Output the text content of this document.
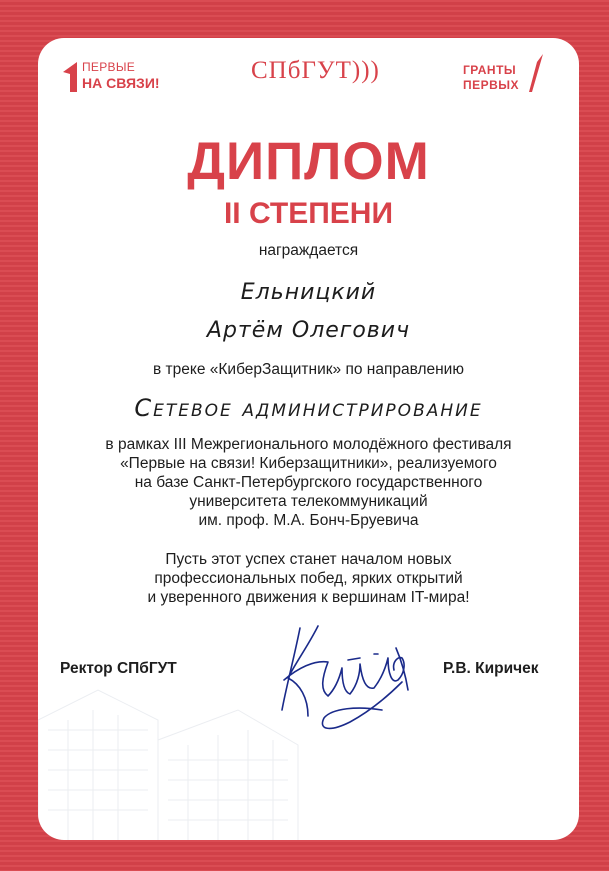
ПЕРВЫЕ
НА СВЯЗИ!	СПбГУТ)))	ГРАНТЫ
ПЕРВЫХ
ДИПЛОМ
II СТЕПЕНИ
награждается
Ельницкий
Артём Олегович
в треке «КиберЗащитник» по направлению
Сетевое администрирование
в рамках III Межрегионального молодёжного фестиваля
«Первые на связи! Киберзащитники», реализуемого
на базе Санкт-Петербургского государственного
университета телекоммуникаций
им. проф. М.А. Бонч-Бруевича
Пусть этот успех станет началом новых
профессиональных побед, ярких открытий
и уверенного движения к вершинам IT-мира!
Ректор СПбГУТ	Р.В. Киричек
